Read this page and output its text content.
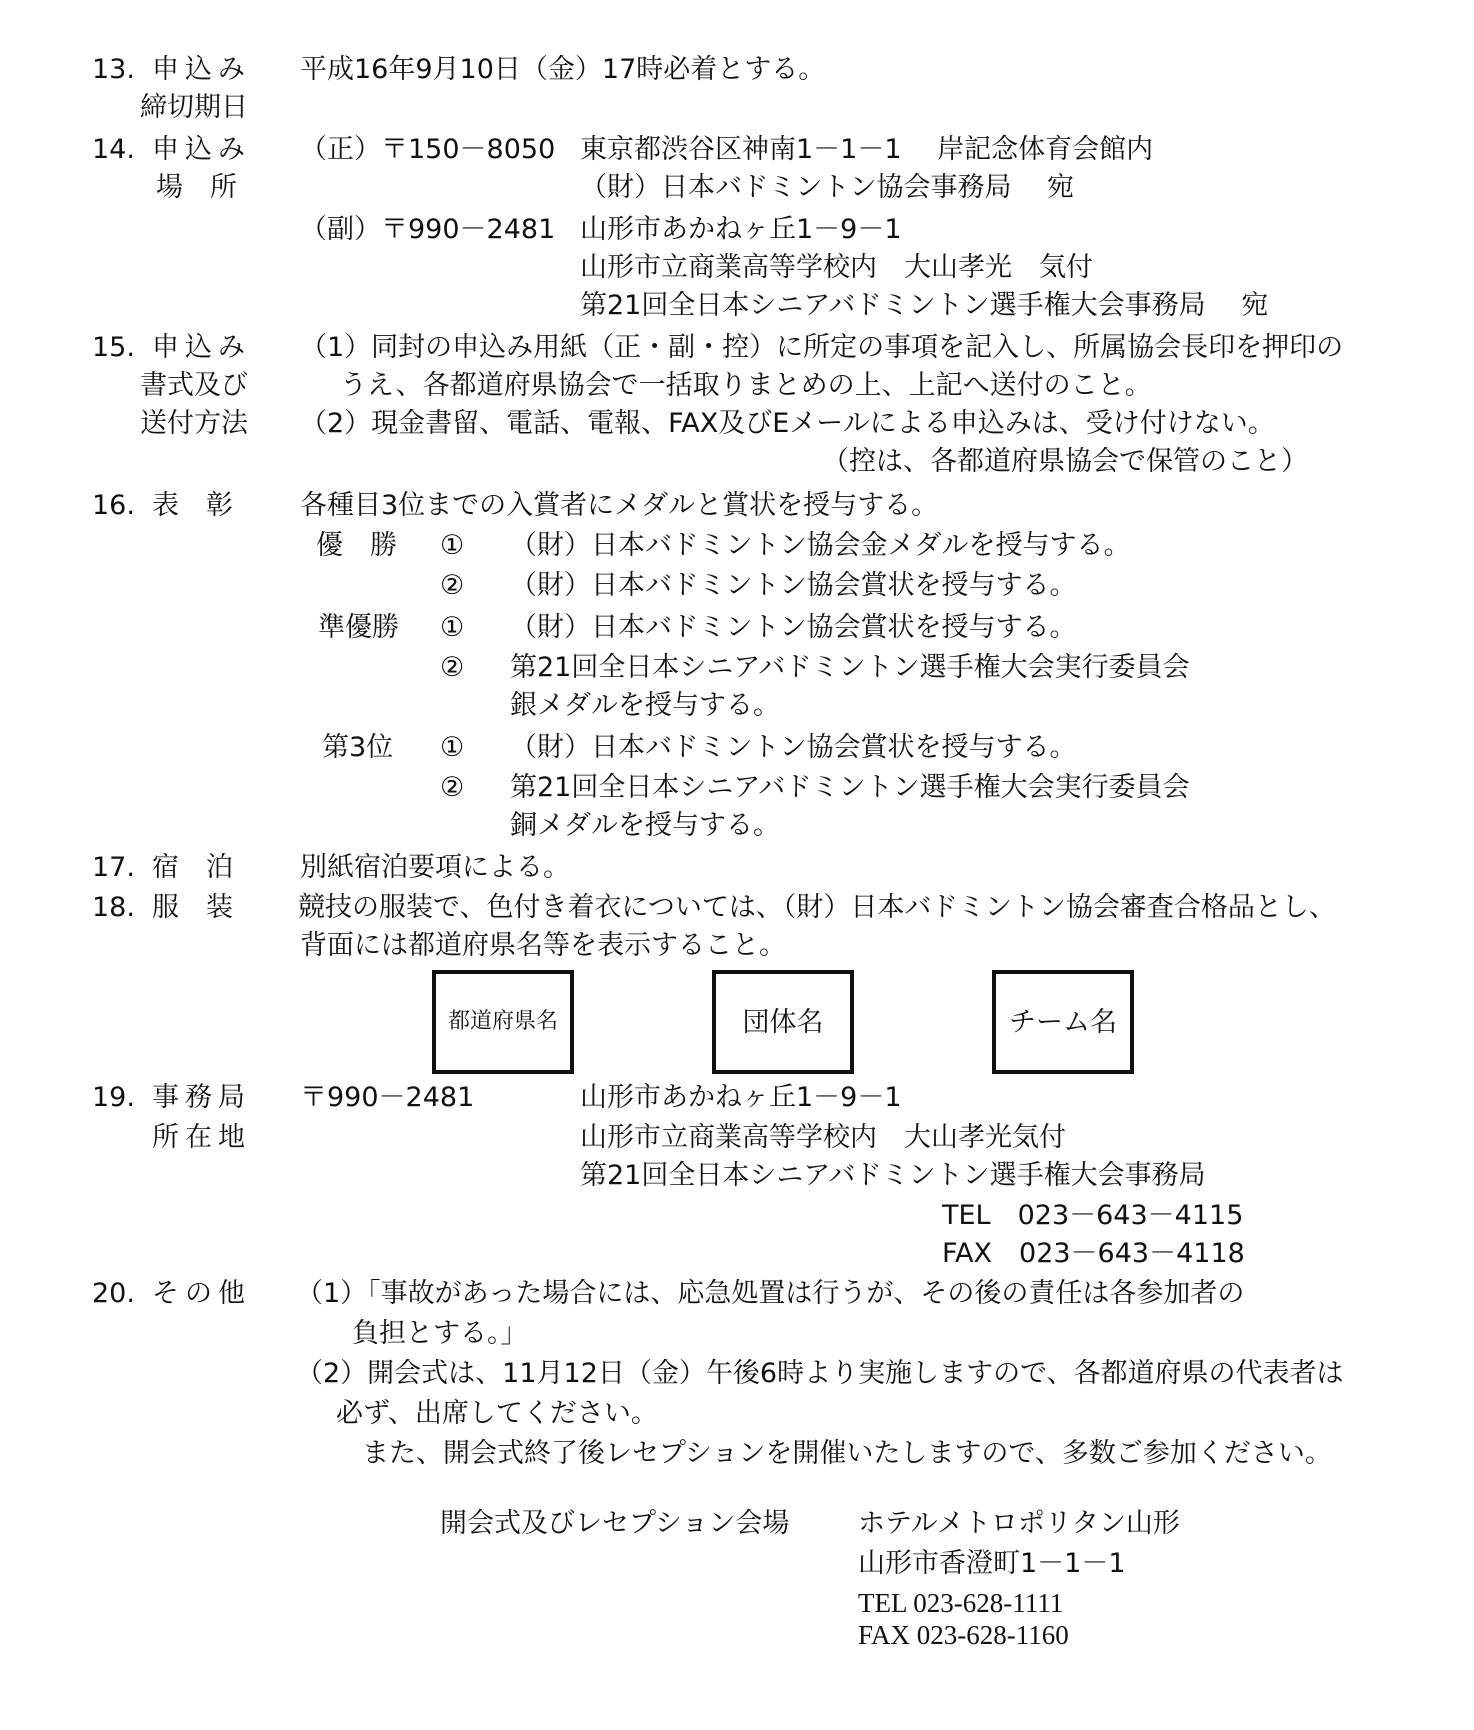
13. 申込み
締切期日
平成16年9月10日（金）17時必着とする。
14. 申込み
場　所
（正）〒150－8050 東京都渋谷区神南1－1－1　 岸記念体育会館内
（財）日本バドミントン協会事務局　 宛
（副）〒990－2481 山形市あかねヶ丘1－9－1
山形市立商業高等学校内　大山孝光　気付
第21回全日本シニアバドミントン選手権大会事務局　 宛
15. 申込み
書式及び
送付方法
（1）同封の申込み用紙（正・副・控）に所定の事項を記入し、所属協会長印を押印の
うえ、各都道府県協会で一括取りまとめの上、上記へ送付のこと。
（2）現金書留、電話、電報、FAX及びEメールによる申込みは、受け付けない。
（控は、各都道府県協会で保管のこと）
16. 表　彰 各種目3位までの入賞者にメダルと賞状を授与する。
優　勝 ① （財）日本バドミントン協会金メダルを授与する。
② （財）日本バドミントン協会賞状を授与する。
準優勝 ① （財）日本バドミントン協会賞状を授与する。
② 第21回全日本シニアバドミントン選手権大会実行委員会
銀メダルを授与する。
第3位 ① （財）日本バドミントン協会賞状を授与する。
② 第21回全日本シニアバドミントン選手権大会実行委員会
銅メダルを授与する。
17. 宿　泊 別紙宿泊要項による。
18. 服　装 競技の服装で、色付き着衣については、（財）日本バドミントン協会審査合格品とし、
背面には都道府県名等を表示すること。
都道府県名	団体名	チーム名
19. 事務局
所在地
〒990－2481	山形市あかねヶ丘1－9－1
山形市立商業高等学校内　大山孝光気付
第21回全日本シニアバドミントン選手権大会事務局
TEL　023－643－4115
FAX　023－643－4118
20. その他 （1）「事故があった場合には、応急処置は行うが、その後の責任は各参加者の
負担とする。」
（2）開会式は、11月12日（金）午後6時より実施しますので、各都道府県の代表者は
必ず、出席してください。
また、開会式終了後レセプションを開催いたしますので、多数ご参加ください。
開会式及びレセプション会場	ホテルメトロポリタン山形
山形市香澄町1－1－1
TEL 023-628-1111
FAX 023-628-1160
